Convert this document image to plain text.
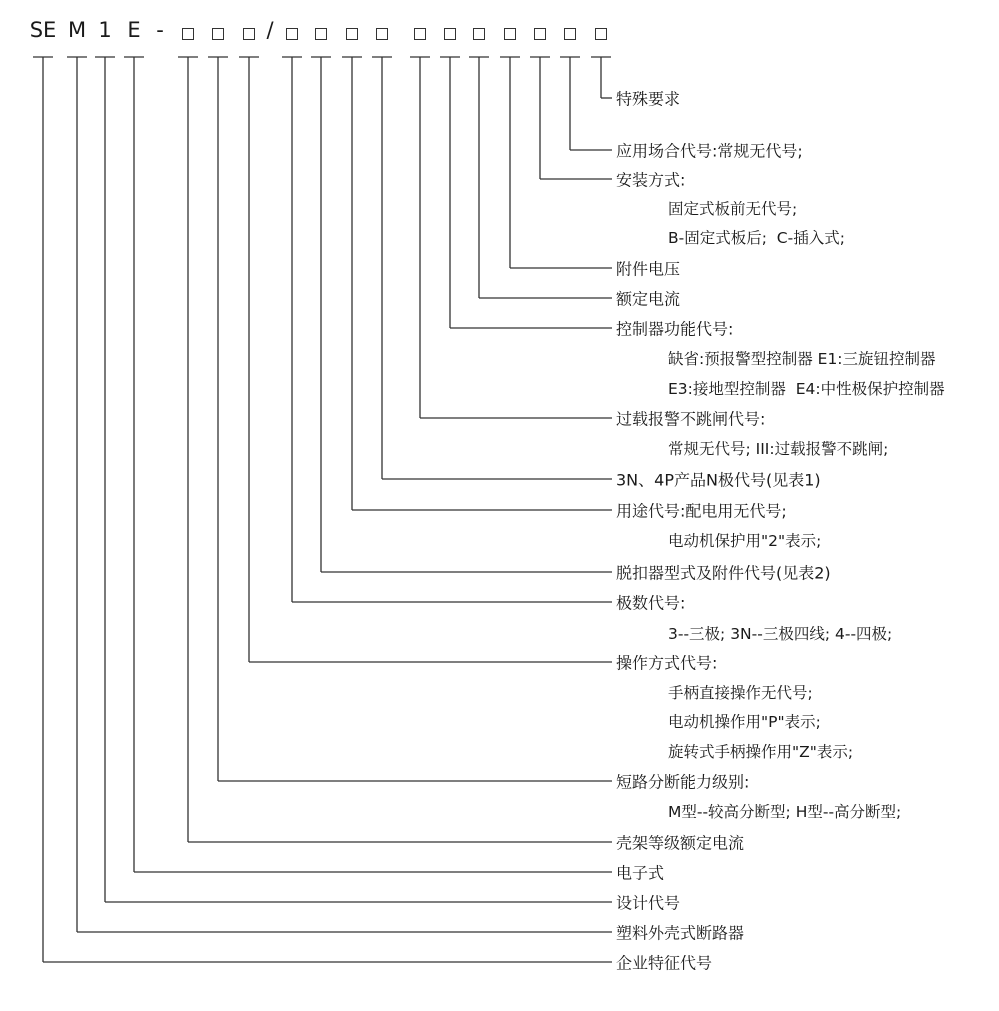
SE M 1 E -	/
特殊要求
应用场合代号:常规无代号;
安装方式:
固定式板前无代号;
B-固定式板后;  C-插入式;
附件电压
额定电流
控制器功能代号:
缺省:预报警型控制器 E1:三旋钮控制器
E3:接地型控制器  E4:中性极保护控制器
过载报警不跳闸代号:
常规无代号; III:过载报警不跳闸;
3N、4P产品N极代号(见表1)
用途代号:配电用无代号;
电动机保护用"2"表示;
脱扣器型式及附件代号(见表2)
极数代号:
3--三极; 3N--三极四线; 4--四极;
操作方式代号:
手柄直接操作无代号;
电动机操作用"P"表示;
旋转式手柄操作用"Z"表示;
短路分断能力级别:
M型--较高分断型; H型--高分断型;
壳架等级额定电流
电子式
设计代号
塑料外壳式断路器
企业特征代号
